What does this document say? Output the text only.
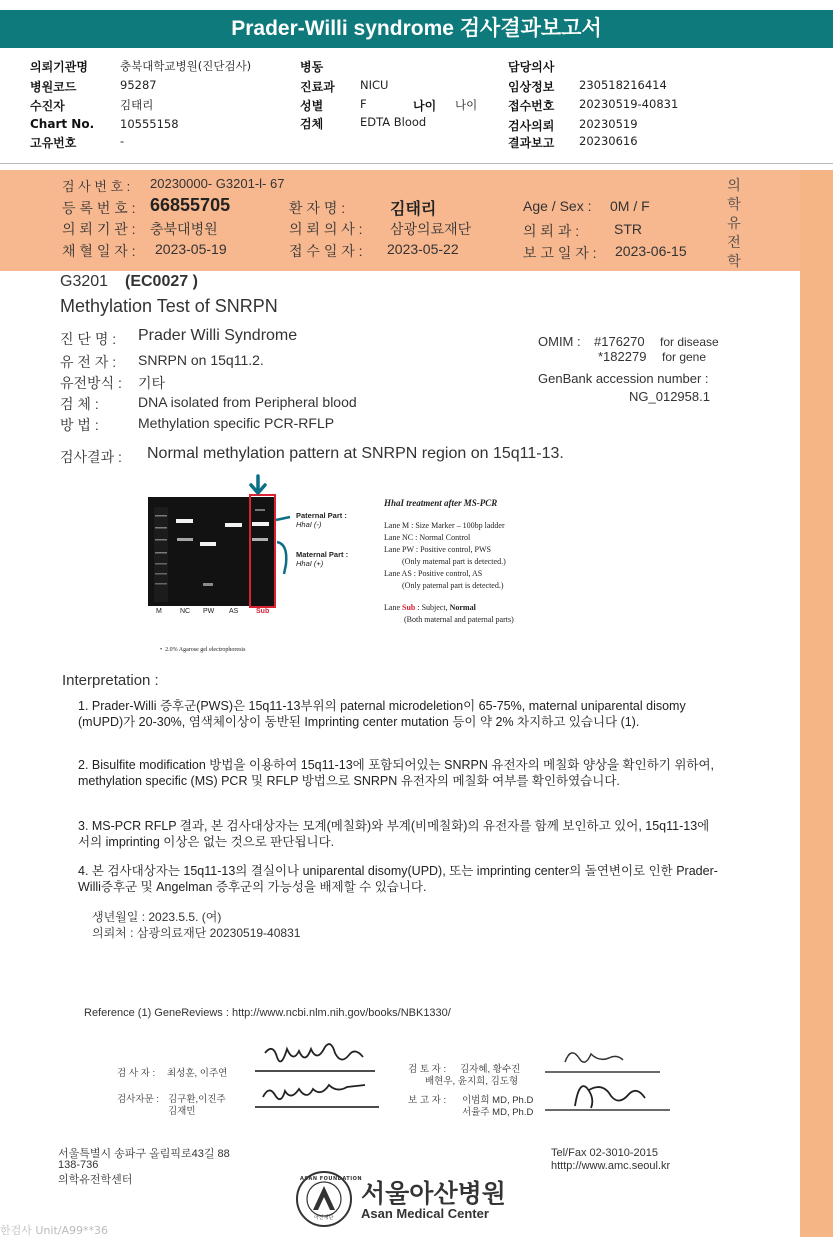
Prader-Willi syndrome 검사결과보고서
의뢰기관명	충북대학교병원(진단검사)
병원코드	95287
수진자	김태리
Chart No. 10555158
고유번호	-
병동
진료과 NICU
성별	F	나이 나이
검체	EDTA Blood
담당의사
임상정보 230518216414
접수번호 20230519-40831
검사의뢰 20230519
결과보고 20230616
검 사 번 호 : 20230000- G3201-l- 67
등 록 번 호 : 66855705	환 자 명 :	김태리	Age / Sex : 0M / F
의 뢰 기 관 : 충북대병원	의 뢰 의 사 : 삼광의료재단	의 뢰 과 : STR
채 혈 일 자 : 2023-05-19	접 수 일 자 : 2023-05-22	보 고 일 자 : 2023-06-15
의학유전학
G3201 (EC0027 )
Methylation Test of SNRPN
진 단 명 : Prader Willi Syndrome
유 전 자 : SNRPN on 15q11.2.
유전방식 : 기타
검 체 :	DNA isolated from Peripheral blood
방 법 :	Methylation specific PCR-RFLP
OMIM : #176270 for disease
*182279 for gene
GenBank accession number :
NG_012958.1
검사결과 : Normal methylation pattern at SNRPN region on 15q11-13.
M	NC PW AS	Sub
Paternal Part :
HhaI (-)
Maternal Part :
HhaI (+)
HhaI treatment after MS-PCR
Lane M : Size Marker – 100bp ladder
Lane NC : Normal Control
Lane PW : Positive control, PWS
(Only maternal part is detected.)
Lane AS : Positive control, AS
(Only paternal part is detected.)
Lane Sub : Subject, Normal
(Both maternal and paternal parts)
•  2.0% Agarose gel electrophoresis
Interpretation :
1. Prader-Willi 증후군(PWS)은 15q11-13부위의 paternal microdeletion이 65-75%, maternal uniparental disomy (mUPD)가 20-30%, 염색체이상이 동반된 Imprinting center mutation 등이 약 2% 차지하고 있습니다 (1).
2. Bisulfite modification 방법을 이용하여 15q11-13에 포함되어있는 SNRPN 유전자의 메칠화 양상을 확인하기 위하여, methylation specific (MS) PCR 및 RFLP 방법으로 SNRPN 유전자의 메칠화 여부를 확인하였습니다.
3. MS-PCR RFLP 결과, 본 검사대상자는 모계(메칠화)와 부계(비메칠화)의 유전자를 함께 보인하고 있어, 15q11-13에서의 imprinting 이상은 없는 것으로 판단됩니다.
4. 본 검사대상자는 15q11-13의 결실이나 uniparental disomy(UPD), 또는 imprinting center의 돌연변이로 인한 Prader-Willi증후군 및 Angelman 증후군의 가능성을 배제할 수 있습니다.
생년월일 : 2023.5.5. (여)
의뢰처 : 삼광의료재단 20230519-40831
Reference (1) GeneReviews : http://www.ncbi.nlm.nih.gov/books/NBK1330/
검 사 자 : 최성훈, 이주연
검사자문 : 김구환,이진주
김재민
검 토 자 : 김자혜, 황수진
배현우, 윤지희, 김도형
보 고 자 : 이범희 MD, Ph.D
서율주 MD, Ph.D
서울특별시 송파구 올림픽로43길 88
138-736
의학유전학센터
Tel/Fax 02-3010-2015
htttp://www.amc.seoul.kr
ASAN FOUNDATION
아산재단
서울아산병원
Asan Medical Center
한검사 Unit/A99**36
